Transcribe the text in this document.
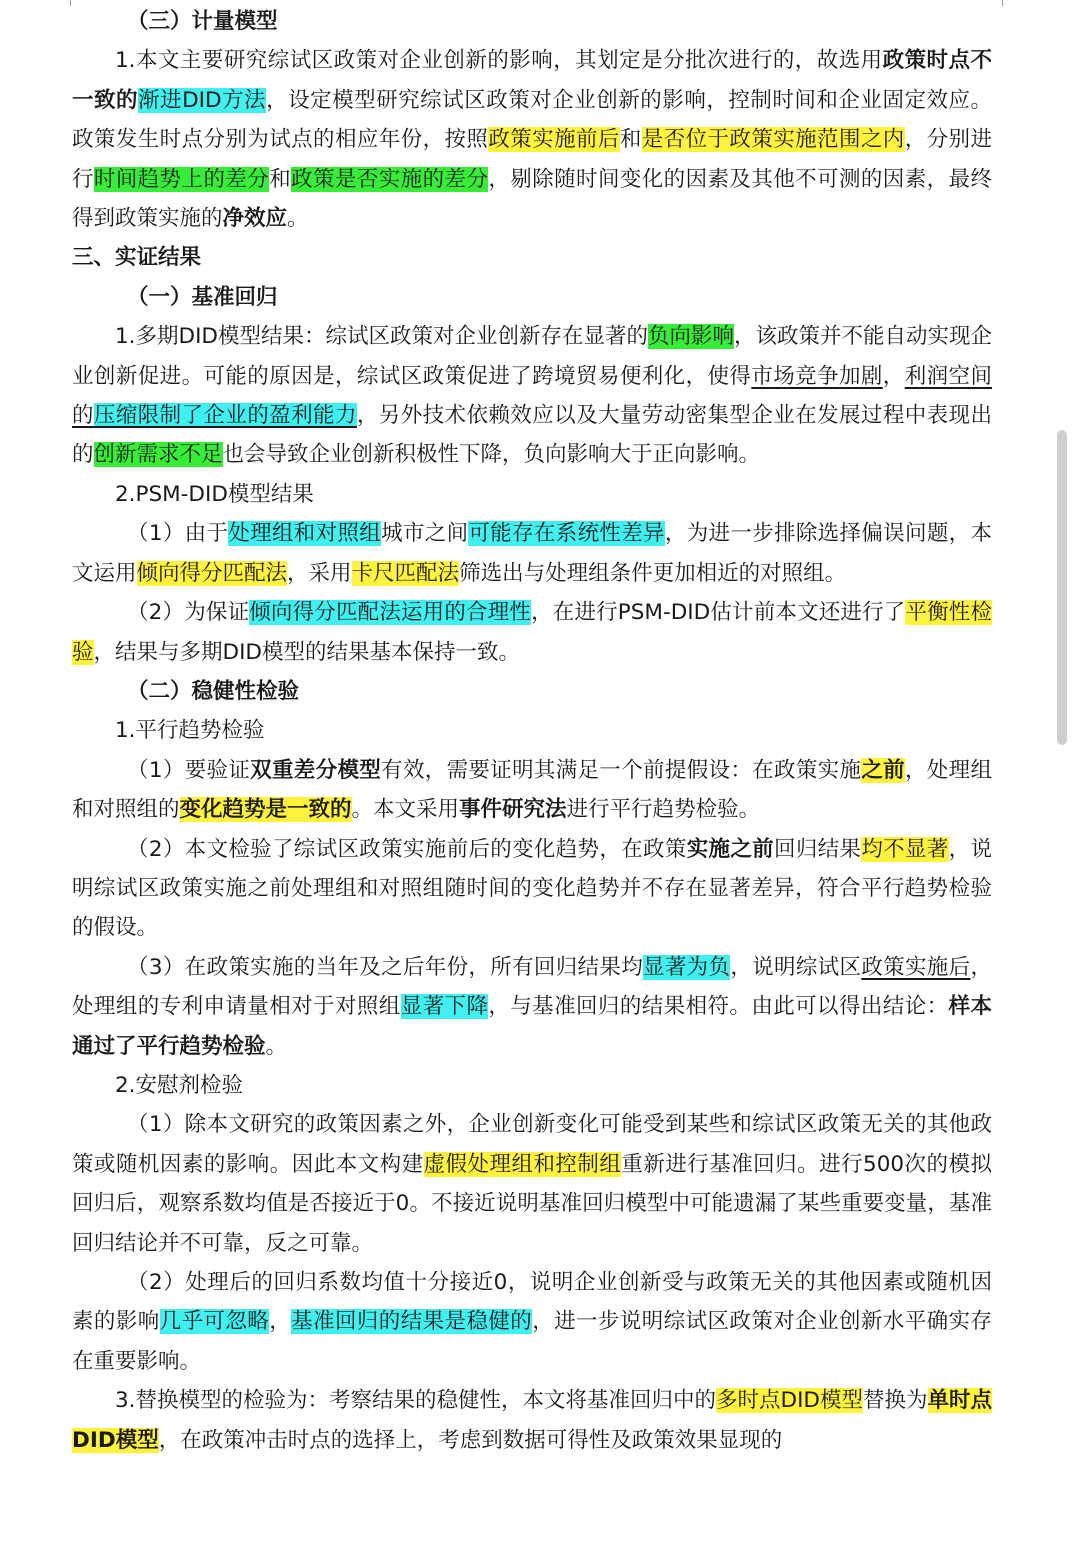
（三）计量模型

1.本文主要研究综试区政策对企业创新的影响，其划定是分批次进行的，故选用政策时点不一致的渐进DID方法，设定模型研究综试区政策对企业创新的影响，控制时间和企业固定效应。政策发生时点分别为试点的相应年份，按照政策实施前后和是否位于政策实施范围之内，分别进行时间趋势上的差分和政策是否实施的差分，剔除随时间变化的因素及其他不可测的因素，最终得到政策实施的净效应。

三、实证结果

（一）基准回归

1.多期DID模型结果：综试区政策对企业创新存在显著的负向影响，该政策并不能自动实现企业创新促进。可能的原因是，综试区政策促进了跨境贸易便利化，使得市场竞争加剧，利润空间的压缩限制了企业的盈利能力，另外技术依赖效应以及大量劳动密集型企业在发展过程中表现出的创新需求不足也会导致企业创新积极性下降，负向影响大于正向影响。

2.PSM-DID模型结果

（1）由于处理组和对照组城市之间可能存在系统性差异，为进一步排除选择偏误问题，本文运用倾向得分匹配法，采用卡尺匹配法筛选出与处理组条件更加相近的对照组。

（2）为保证倾向得分匹配法运用的合理性，在进行PSM-DID估计前本文还进行了平衡性检验，结果与多期DID模型的结果基本保持一致。

（二）稳健性检验

1.平行趋势检验

（1）要验证双重差分模型有效，需要证明其满足一个前提假设：在政策实施之前，处理组和对照组的变化趋势是一致的。本文采用事件研究法进行平行趋势检验。

（2）本文检验了综试区政策实施前后的变化趋势，在政策实施之前回归结果均不显著，说明综试区政策实施之前处理组和对照组随时间的变化趋势并不存在显著差异，符合平行趋势检验的假设。

（3）在政策实施的当年及之后年份，所有回归结果均显著为负，说明综试区政策实施后，处理组的专利申请量相对于对照组显著下降，与基准回归的结果相符。由此可以得出结论：样本通过了平行趋势检验。

2.安慰剂检验

（1）除本文研究的政策因素之外，企业创新变化可能受到某些和综试区政策无关的其他政策或随机因素的影响。因此本文构建虚假处理组和控制组重新进行基准回归。进行500次的模拟回归后，观察系数均值是否接近于0。不接近说明基准回归模型中可能遗漏了某些重要变量，基准回归结论并不可靠，反之可靠。

（2）处理后的回归系数均值十分接近0，说明企业创新受与政策无关的其他因素或随机因素的影响几乎可忽略，基准回归的结果是稳健的，进一步说明综试区政策对企业创新水平确实存在重要影响。

3.替换模型的检验为：考察结果的稳健性，本文将基准回归中的多时点DID模型替换为单时点DID模型，在政策冲击时点的选择上，考虑到数据可得性及政策效果显现的
